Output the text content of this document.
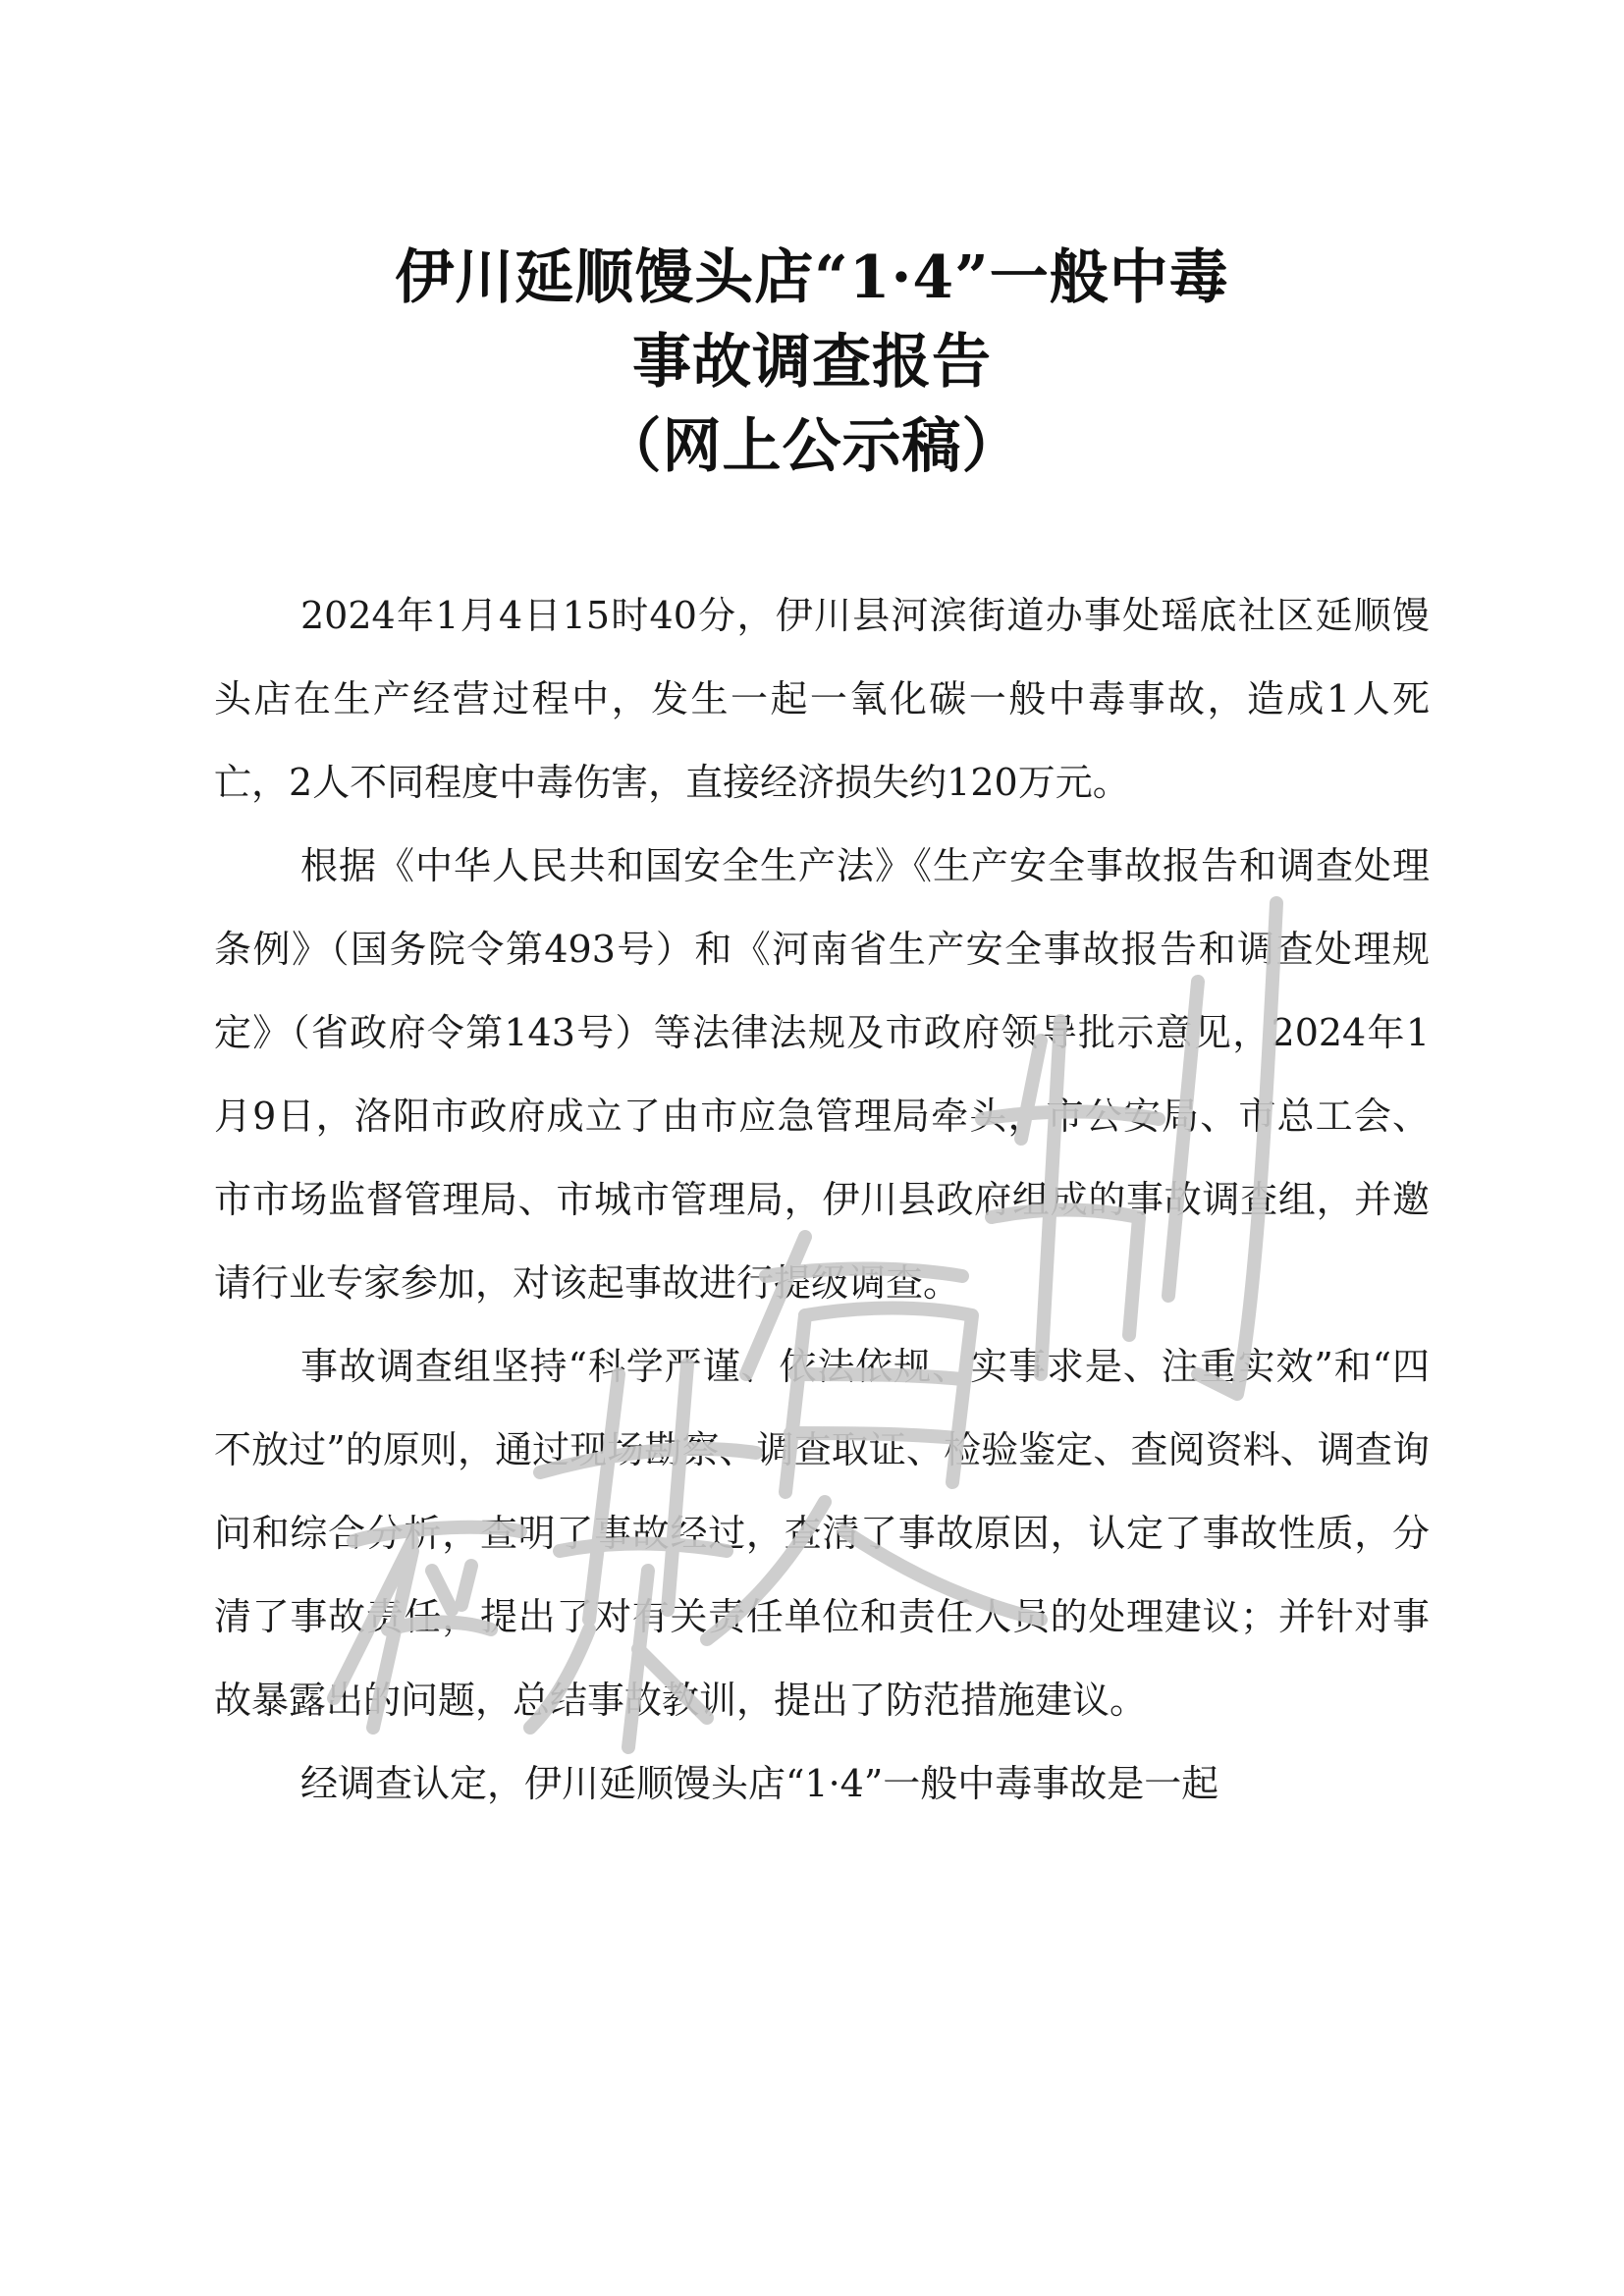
伊川延顺馒头店“1·4”一般中毒
事故调查报告
（网上公示稿）

2024年1月4日15时40分，伊川县河滨街道办事处瑶底社区延顺馒头店在生产经营过程中，发生一起一氧化碳一般中毒事故，造成1人死亡，2人不同程度中毒伤害，直接经济损失约120万元。

根据《中华人民共和国安全生产法》《生产安全事故报告和调查处理条例》（国务院令第493号）和《河南省生产安全事故报告和调查处理规定》（省政府令第143号）等法律法规及市政府领导批示意见，2024年1月9日，洛阳市政府成立了由市应急管理局牵头，市公安局、市总工会、市市场监督管理局、市城市管理局，伊川县政府组成的事故调查组，并邀请行业专家参加，对该起事故进行提级调查。

事故调查组坚持“科学严谨、依法依规、实事求是、注重实效”和“四不放过”的原则，通过现场勘察、调查取证、检验鉴定、查阅资料、调查询问和综合分析，查明了事故经过，查清了事故原因，认定了事故性质，分清了事故责任，提出了对有关责任单位和责任人员的处理建议；并针对事故暴露出的问题，总结事故教训，提出了防范措施建议。

经调查认定，伊川延顺馒头店“1·4”一般中毒事故是一起
